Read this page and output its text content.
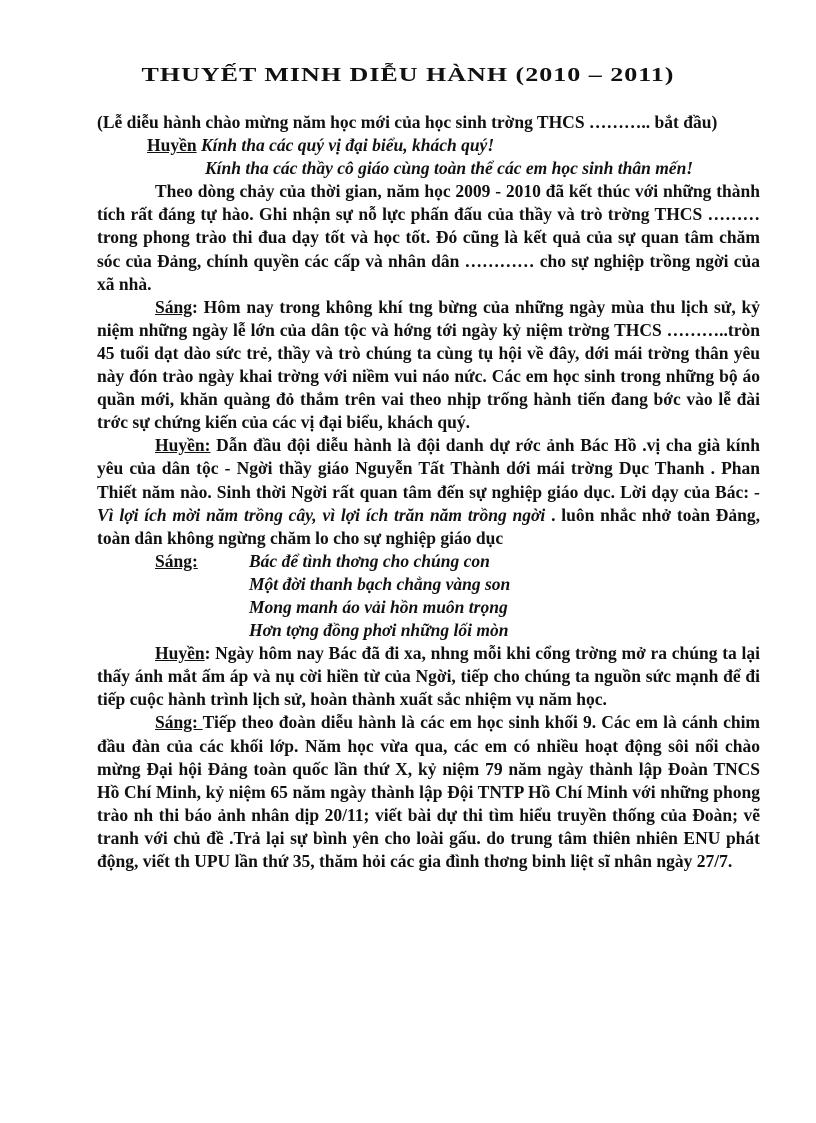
THUYẾT MINH DIỄU HÀNH (2010 – 2011)

(Lễ diễu hành chào mừng năm học mới của học sinh trờng THCS ……….. bắt đầu)

Huyền Kính tha các quý vị đại biểu, khách quý!

Kính tha các thầy cô giáo cùng toàn thể các em học sinh thân mến!

Theo dòng chảy của thời gian, năm học 2009 - 2010 đã kết thúc với những thành tích rất đáng tự hào. Ghi nhận sự nỗ lực phấn đấu của thầy và trò trờng THCS ……… trong phong trào thi đua dạy tốt và học tốt. Đó cũng là kết quả của sự quan tâm chăm sóc của Đảng, chính quyền các cấp và nhân dân ………… cho sự nghiệp trồng ngời của xã nhà.

Sáng: Hôm nay trong không khí tng bừng của những ngày mùa thu lịch sử, kỷ niệm những ngày lễ lớn của dân tộc và hớng tới ngày kỷ niệm trờng THCS ………..tròn 45 tuổi dạt dào sức trẻ, thầy và trò chúng ta cùng tụ hội về đây, dới mái trờng thân yêu này đón trào ngày khai trờng với niềm vui náo nức. Các em học sinh trong những bộ áo quần mới, khăn quàng đỏ thắm trên vai theo nhịp trống hành tiến đang bớc vào lễ đài trớc sự chứng kiến của các vị đại biểu, khách quý.

Huyền: Dẫn đầu đội diễu hành là đội danh dự rớc ảnh Bác Hồ .vị cha già kính yêu của dân tộc - Ngời thầy giáo Nguyễn Tất Thành dới mái trờng Dục Thanh . Phan Thiết năm nào. Sinh thời Ngời rất quan tâm đến sự nghiệp giáo dục. Lời dạy của Bác: -Vì lợi ích mời năm trồng cây, vì lợi ích trăn năm trồng ngời . luôn nhắc nhở toàn Đảng, toàn dân không ngừng chăm lo cho sự nghiệp giáo dục

Sáng:	Bác để tình thơng cho chúng con
Một đời thanh bạch chẳng vàng son
Mong manh áo vải hồn muôn trọng
Hơn tợng đồng phơi những lối mòn

Huyền: Ngày hôm nay Bác đã đi xa, nhng mỗi khi cổng trờng mở ra chúng ta lại thấy ánh mắt ấm áp và nụ cời hiền từ của Ngời, tiếp cho chúng ta nguồn sức mạnh để đi tiếp cuộc hành trình lịch sử, hoàn thành xuất sắc nhiệm vụ năm học.

Sáng: Tiếp theo đoàn diễu hành là các em học sinh khối 9. Các em là cánh chim đầu đàn của các khối lớp. Năm học vừa qua, các em có nhiều hoạt động sôi nổi chào mừng Đại hội Đảng toàn quốc lần thứ X, kỷ niệm 79 năm ngày thành lập Đoàn TNCS Hồ Chí Minh, kỷ niệm 65 năm ngày thành lập Đội TNTP Hồ Chí Minh với những phong trào nh thi báo ảnh nhân dịp 20/11; viết bài dự thi tìm hiểu truyền thống của Đoàn; vẽ tranh với chủ đề .Trả lại sự bình yên cho loài gấu. do trung tâm thiên nhiên ENU phát động, viết th UPU lần thứ 35, thăm hỏi các gia đình thơng binh liệt sĩ nhân ngày 27/7.
